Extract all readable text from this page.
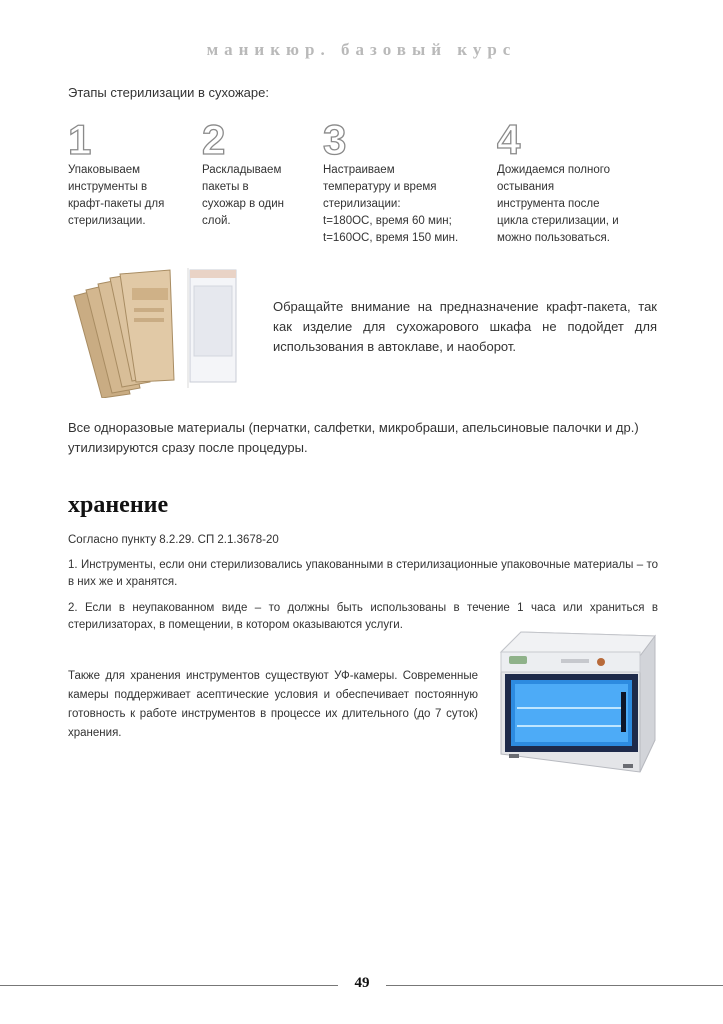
маникюр. базовый курс
Этапы стерилизации в сухожаре:
1
Упаковываем
инструменты в
крафт-пакеты для
стерилизации.
2
Раскладываем
пакеты в
сухожар в один
слой.
3
Настраиваем
температуру и время
стерилизации:
t=180ОС, время 60 мин;
t=160ОС, время 150 мин.
4
Дожидаемся полного
остывания
инструмента после
цикла стерилизации, и
можно пользоваться.
Обращайте внимание на предназначение крафт-пакета, так как изделие для сухожарового шкафа не подойдет для использования в автоклаве, и наоборот.
Все одноразовые материалы (перчатки, салфетки, микробраши, апельсиновые палочки и др.) утилизируются сразу после процедуры.
хранение
Согласно пункту 8.2.29. СП 2.1.3678-20
1. Инструменты, если они стерилизовались упакованными в стерилизационные упаковочные материалы – то в них же и хранятся.
2. Если в неупакованном виде – то должны быть использованы в течение 1 часа или храниться в стерилизаторах, в помещении, в котором оказываются услуги.
Также для хранения инструментов существуют УФ-камеры. Современные камеры поддерживает асептические условия и обеспечивает постоянную готовность к работе инструментов в процессе их длительного (до 7 суток) хранения.
49
